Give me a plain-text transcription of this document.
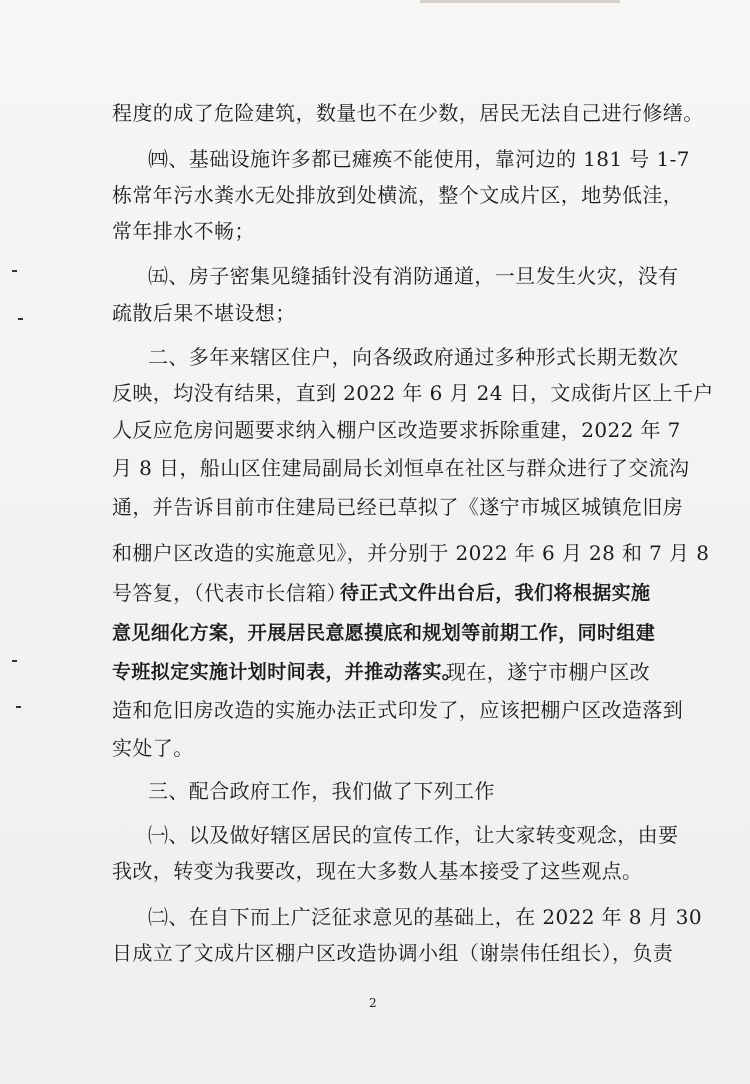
程度的成了危险建筑，数量也不在少数，居民无法自己进行修缮。
㈣、基础设施许多都已瘫痪不能使用，靠河边的 181 号 1-7
栋常年污水粪水无处排放到处横流，整个文成片区，地势低洼，
常年排水不畅；
㈤、房子密集见缝插针没有消防通道，一旦发生火灾，没有
疏散后果不堪设想；
二、多年来辖区住户，向各级政府通过多种形式长期无数次
反映，均没有结果，直到 2022 年 6 月 24 日，文成街片区上千户
人反应危房问题要求纳入棚户区改造要求拆除重建，2022 年 7
月 8 日，船山区住建局副局长刘恒卓在社区与群众进行了交流沟
通，并告诉目前市住建局已经已草拟了《遂宁市城区城镇危旧房
和棚户区改造的实施意见》，并分别于 2022 年 6 月 28 和 7 月 8
号答复，（代表市长信箱）
待正式文件出台后，我们将根据实施
意见细化方案，开展居民意愿摸底和规划等前期工作，同时组建
专班拟定实施计划时间表，并推动落实。
现在，遂宁市棚户区改
造和危旧房改造的实施办法正式印发了，应该把棚户区改造落到
实处了。
三、配合政府工作，我们做了下列工作
㈠、以及做好辖区居民的宣传工作，让大家转变观念，由要
我改，转变为我要改，现在大多数人基本接受了这些观点。
㈡、在自下而上广泛征求意见的基础上，在 2022 年 8 月 30
日成立了文成片区棚户区改造协调小组（谢崇伟任组长），负责
2
